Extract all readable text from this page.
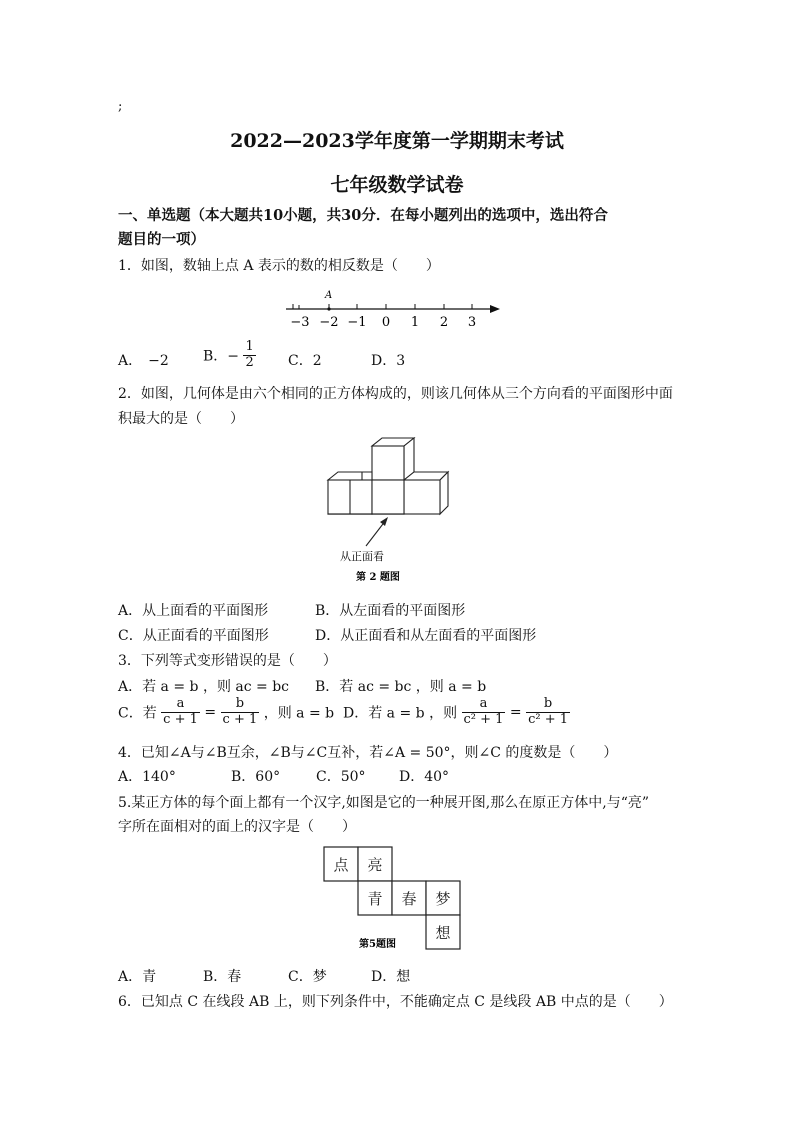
;
2022—2023学年度第一学期期末考试
七年级数学试卷
一、单选题（本大题共10小题，共30分．在每小题列出的选项中，选出符合
题目的一项）
1．如图，数轴上点 A 表示的数的相反数是（　　）
A
−3 −2 −1 0 1 2 3
A． −2 B．− $\frac{1}{2}$ C．2	D．3
2．如图，几何体是由六个相同的正方体构成的，则该几何体从三个方向看的平面图形中面
积最大的是（　　）
从正面看
第 2 题图
A．从上面看的平面图形	B．从左面看的平面图形
C．从正面看的平面图形	D．从正面看和从左面看的平面图形
3．下列等式变形错误的是（　　）
A．若 a = b ，则 ac = bc B．若 ac = bc ，则 a = b
C．若 $\frac{a}{c + 1} = \frac{b}{c + 1}$ ，则 a = b D．若 a = b ，则 $\frac{a}{\text{c² + 1}} = \frac{b}{\text{c² + 1}}$
4．已知∠A与∠B互余，∠B与∠C互补，若∠A = 50°，则∠C 的度数是（　　）
A．140°	B．60°	C．50° D．40°
5.某正方体的每个面上都有一个汉字,如图是它的一种展开图,那么在原正方体中,与“亮”
字所在面相对的面上的汉字是（　　）
点 亮
青 春 梦
想
第5题图
A．青	B．春	C．梦	D．想
6．已知点 C 在线段 AB 上，则下列条件中，不能确定点 C 是线段 AB 中点的是（　　）
